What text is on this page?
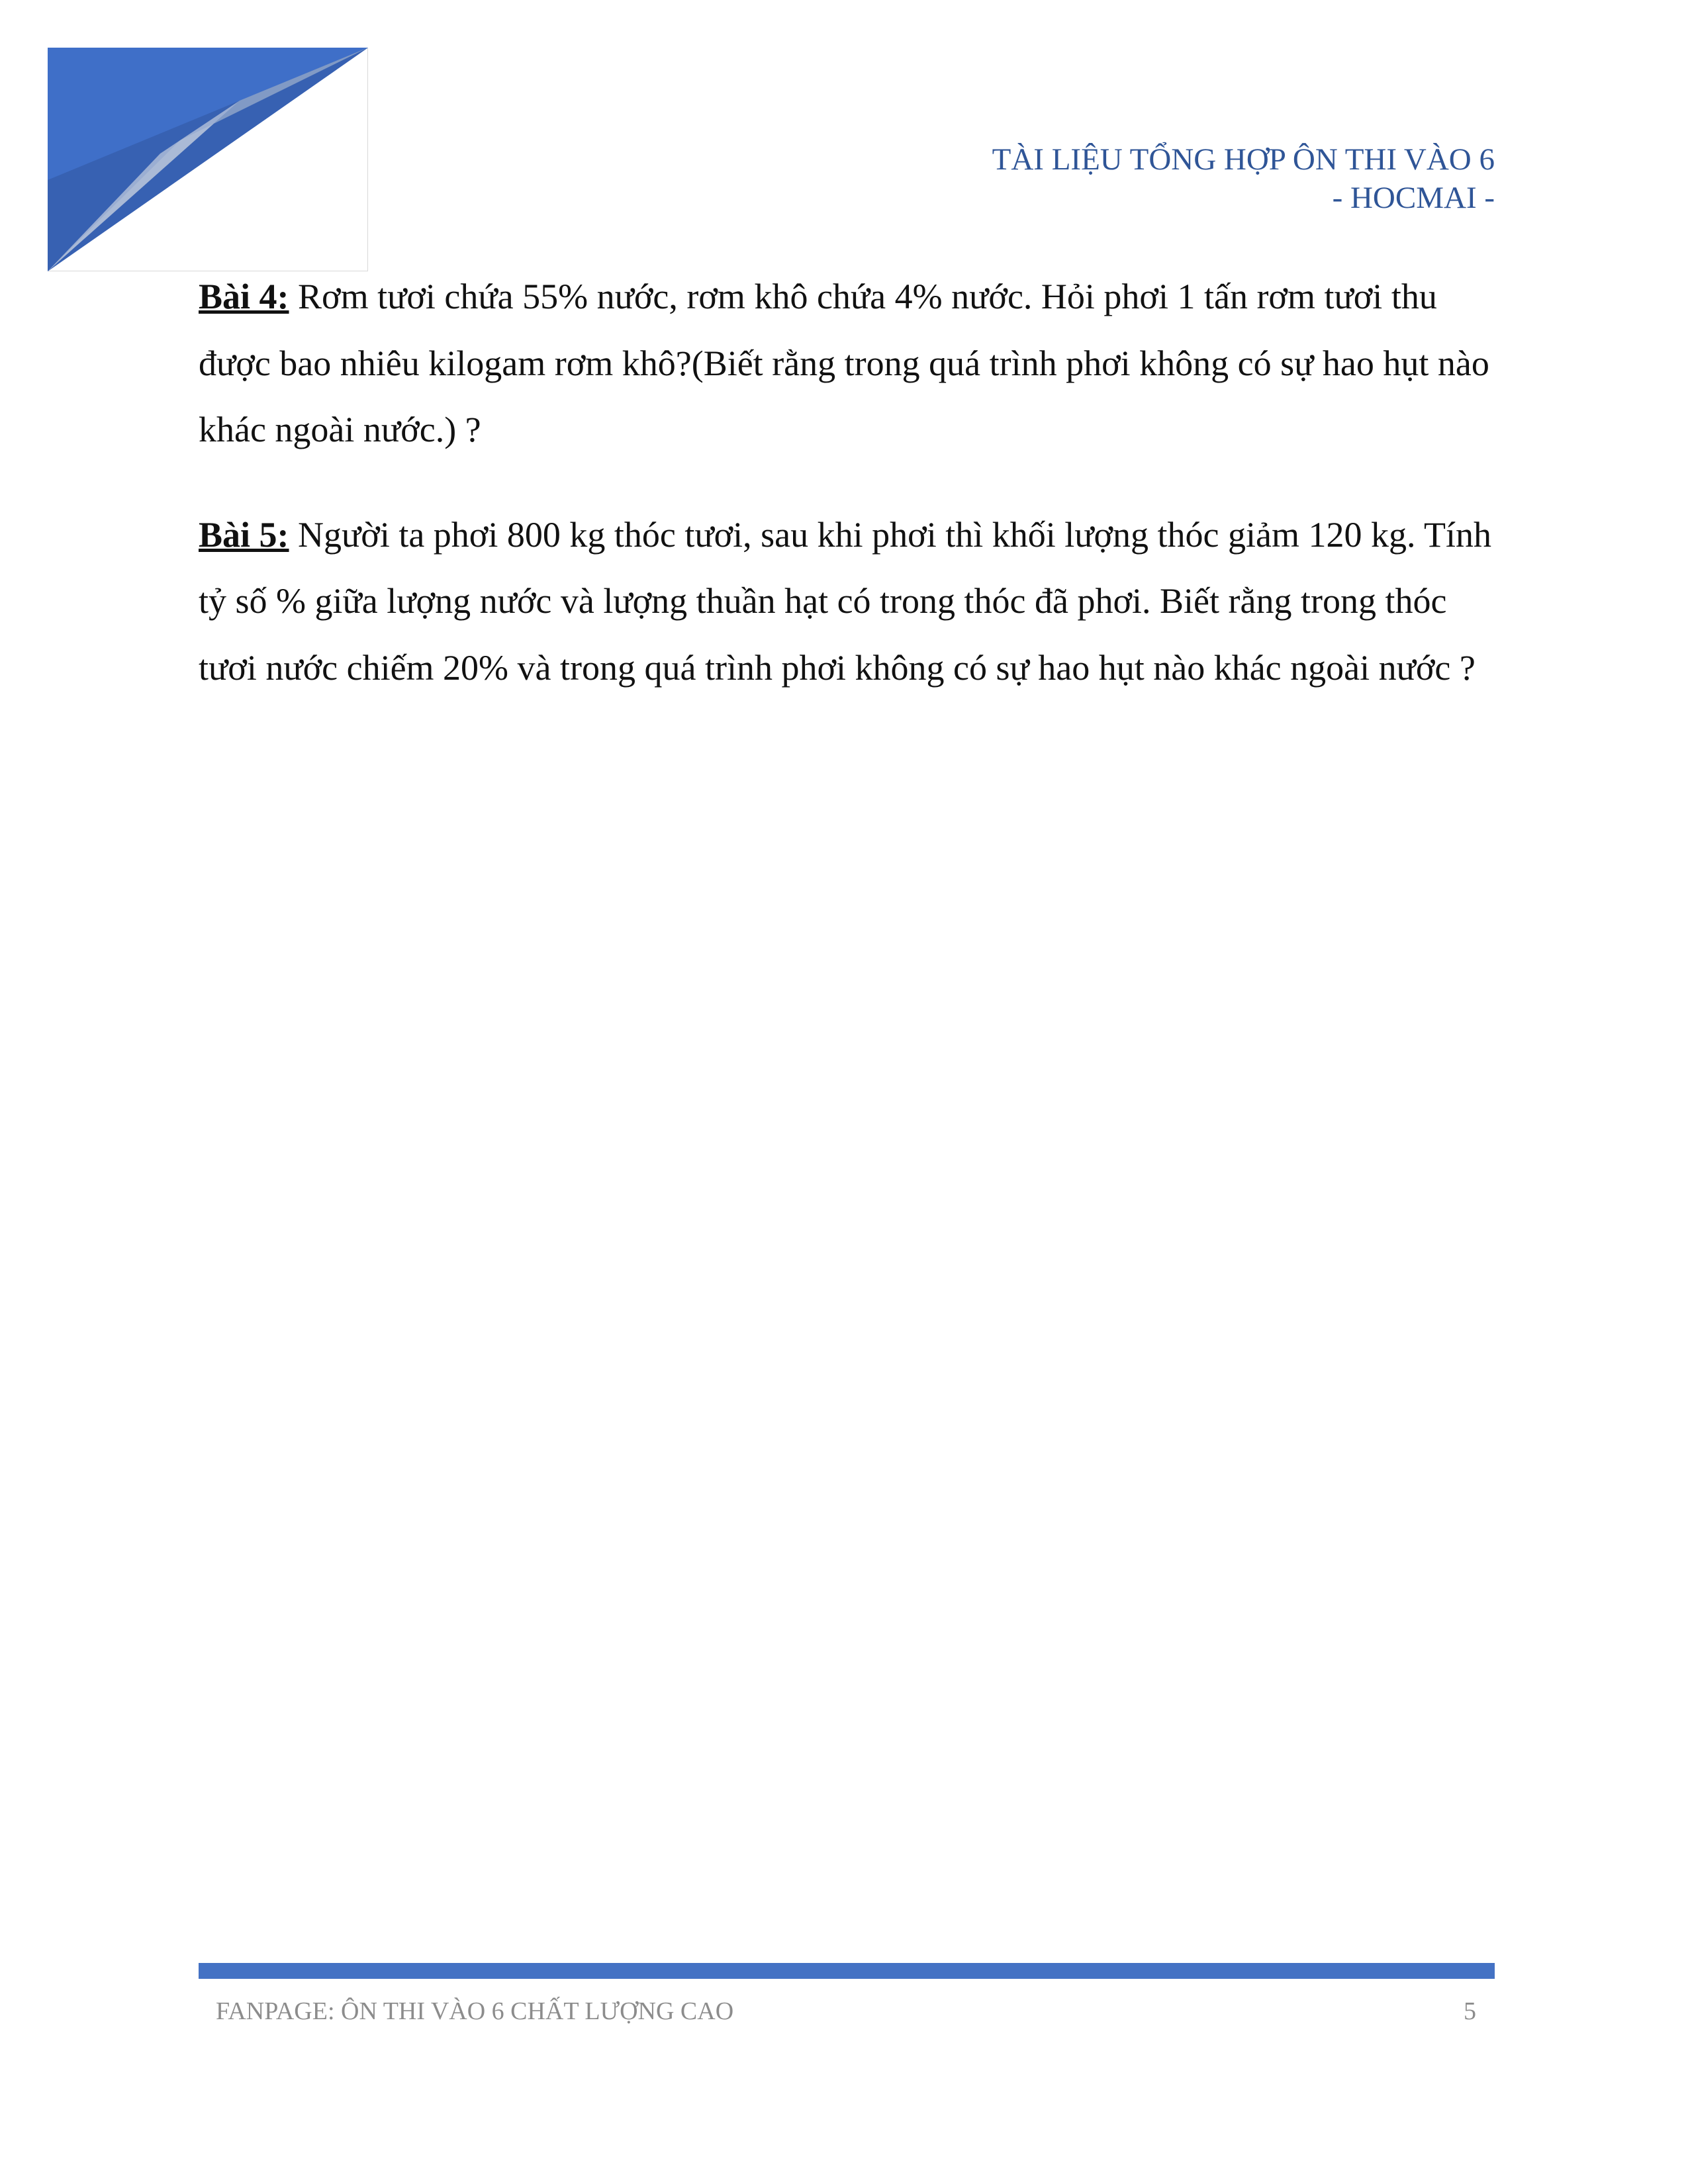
TÀI LIỆU TỔNG HỢP ÔN THI VÀO 6
- HOCMAI -

Bài 4: Rơm tươi chứa 55% nước, rơm khô chứa 4% nước. Hỏi phơi 1 tấn rơm tươi thu được bao nhiêu kilogam rơm khô?(Biết rằng trong quá trình phơi không có sự hao hụt nào khác ngoài nước.) ?

Bài 5: Người ta phơi 800 kg thóc tươi, sau khi phơi thì khối lượng thóc giảm 120 kg. Tính tỷ số % giữa lượng nước và lượng thuần hạt có trong thóc đã phơi. Biết rằng trong thóc tươi nước chiếm 20% và trong quá trình phơi không có sự hao hụt nào khác ngoài nước ?

FANPAGE: ÔN THI VÀO 6 CHẤT LƯỢNG CAO	5
